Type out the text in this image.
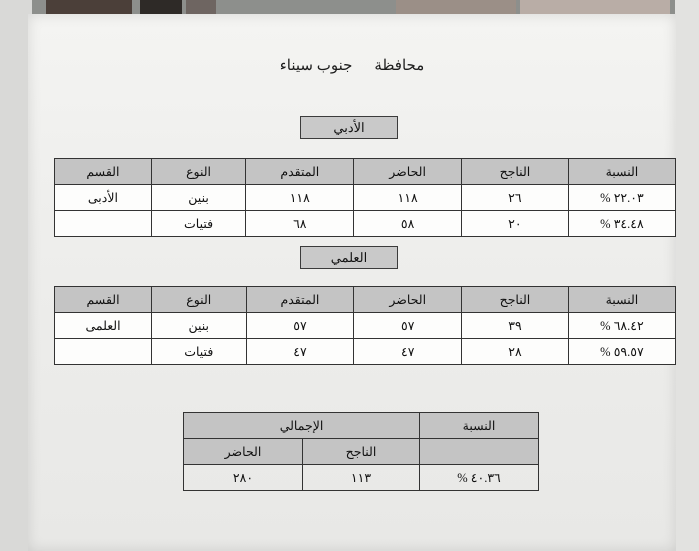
محافظةجنوب سيناء
الأدبي
النسبة	الناجح	الحاضر	المتقدم	النوع	القسم
٢٢.٠٣ %	٢٦	١١٨	١١٨	بنين	الأدبى
٣٤.٤٨ %	٢٠	٥٨	٦٨	فتيات	
العلمي
النسبة	الناجح	الحاضر	المتقدم	النوع	القسم
٦٨.٤٢ %	٣٩	٥٧	٥٧	بنين	العلمى
٥٩.٥٧ %	٢٨	٤٧	٤٧	فتيات	
النسبة	الإجمالي	
	الناجح	الحاضر
٤٠.٣٦ %	١١٣	٢٨٠
